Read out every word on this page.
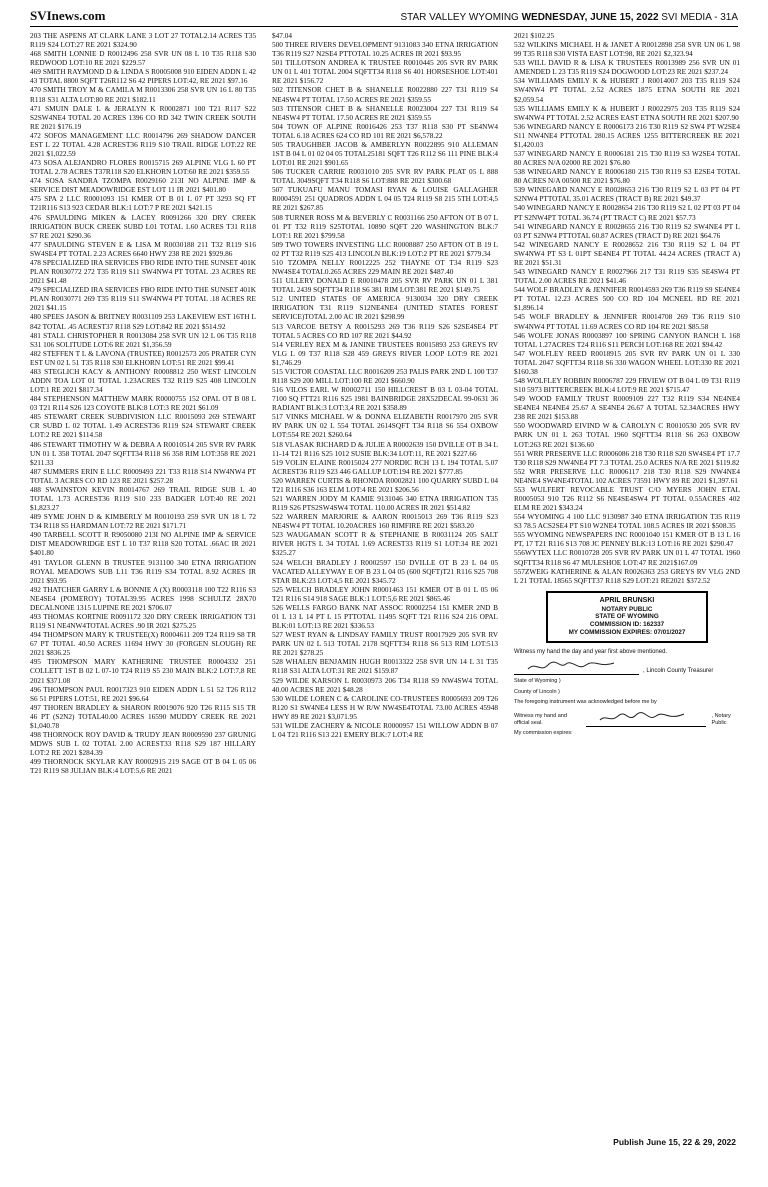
SVInews.com	STAR VALLEY WYOMING WEDNESDAY, JUNE 15, 2022 SVI MEDIA - 31A
203 THE ASPENS AT CLARK LANE 3 LOT 27 TOTAL2.14 ACRES T35 R119 S24 LOT:27 RE 2021 $324.90
468 SMITH LONNIE D R0012496 258 SVR UN 08 L 10 T35 R118 S30 REDWOOD LOT:10 RE 2021 $229.57
469 SMITH RAYMOND D & LINDA S R0005008 910 EIDEN ADDN L 42 43 TOTAL 8800 SQFT T26R112 S6 42 PIPERS LOT:42, RE 2021 $97.16
470 SMITH TROY M & CAMILA M R0013306 258 SVR UN 16 L 80 T35 R118 S31 ALTA LOT:80 RE 2021 $182.11
471 SMUIN DALE L & JERALYN K R0002871 100 T21 R117 S22 S2SW4NE4 TOTAL 20 ACRES 1396 CO RD 342 TWIN CREEK SOUTH RE 2021 $176.19
472 SOFOS MANAGEMENT LLC R0014796 269 SHADOW DANCER EST L 22 TOTAL 4.28 ACREST36 R119 S10 TRAIL RIDGE LOT:22 RE 2021 $1,022.59
473 SOSA ALEJANDRO FLORES R0015715 269 ALPINE VLG L 60 PT TOTAL 2.78 ACRES T37R118 S20 ELKHORN LOT:60 RE 2021 $359.55
474 SOSA SANDRA TZOMPA R0029160 213I NO ALPINE IMP & SERVICE DIST MEADOWRIDGE EST LOT 11 IR 2021 $401.80
475 SPA 2 LLC R0001093 151 KMER OT B 01 L 07 PT 3293 SQ FT T21R116 S13 923 CEDAR BLK:1 LOT:7 P RE 2021 $421.15
476 SPAULDING MIKEN & LACEY R0091266 320 DRY CREEK IRRIGATION BUCK CREEK SUBD L01 TOTAL 1.60 ACRES T31 R118 S7 RE 2021 $290.36
477 SPAULDING STEVEN E & LISA M R0030188 211 T32 R119 S16 SW4SE4 PT TOTAL 2.23 ACRES 6640 HWY 238 RE 2021 $929.86
478 SPECIALIZED IRA SERVICES FBO RIDE INTO THE SUNSET 401K PLAN R0030772 272 T35 R119 S11 SW4NW4 PT TOTAL .23 ACRES RE 2021 $41.48
479 SPECIALIZED IRA SERVICES FBO RIDE INTO THE SUNSET 401K PLAN R0030771 269 T35 R119 S11 SW4NW4 PT TOTAL .18 ACRES RE 2021 $41.15
480 SPEES JASON & BRITNEY R0031109 253 LAKEVIEW EST 16TH L 842 TOTAL .45 ACREST37 R118 S29 LOT:842 RE 2021 $514.92
481 STALL CHRISTOPHER R R0013084 258 SVR UN 12 L 06 T35 R118 S31 106 SOLITUDE LOT:6 RE 2021 $1,356.59
482 STEFFEN T L & LAVONA (TRUSTEE) R0012573 205 PRATER CYN EST UN 02 L 51 T35 R118 S30 ELKHORN LOT:51 RE 2021 $99.41
483 STEGLICH KACY & ANTHONY R0008812 250 WEST LINCOLN ADDN TOA LOT 01 TOTAL 1.23ACRES T32 R119 S25 408 LINCOLN LOT:1 RE 2021 $817.34
484 STEPHENSON MATTHEW MARK R0000755 152 OPAL OT B 08 L 03 T21 R114 S26 123 COYOTE BLK:8 LOT:3 RE 2021 $61.09
485 STEWART CREEK SUBDIVISION LLC R0015093 269 STEWART CR SUBD L 02 TOTAL 1.49 ACREST36 R119 S24 STEWART CREEK LOT:2 RE 2021 $114.58
486 STEWART TIMOTHY W & DEBRA A R0010514 205 SVR RV PARK UN 01 L 358 TOTAL 2047 SQFTT34 R118 S6 358 RIM LOT:358 RE 2021 $211.33
487 SUMMERS ERIN E LLC R0009493 221 T33 R118 S14 NW4NW4 PT TOTAL 3 ACRES CO RD 123 RE 2021 $257.28
488 SWAINSTON KEVIN R0014767 269 TRAIL RIDGE SUB L 40 TOTAL 1.73 ACREST36 R119 S10 233 BADGER LOT:40 RE 2021 $1,823.27
489 SYME JOHN D & KIMBERLY M R0010193 259 SVR UN 18 L 72 T34 R118 S5 HARDMAN LOT:72 RE 2021 $171.71
490 TARBELL SCOTT R R9050080 213I NO ALPINE IMP & SERVICE DIST MEADOWRIDGE EST L 10 T37 R118 S20 TOTAL .66AC IR 2021 $401.80
491 TAYLOR GLENN B TRUSTEE 9131100 340 ETNA IRRIGATION ROYAL MEADOWS SUB L11 T36 R119 S34 TOTAL 8.92 ACRES IR 2021 $93.95
492 THATCHER GARRY L & BONNIE A (X) R0003118 100 T22 R116 S3 NE4SE4 (POMEROY) TOTAL39.95 ACRES 1998 SCHULTZ 28X70 DECALNONE 1315 LUPINE RE 2021 $706.07
493 THOMAS KORTNIE R0091172 320 DRY CREEK IRRIGATION T31 R119 S1 NE4NW4TOTAL ACRES .90 IR 2021 $275.25
494 THOMPSON MARY K TRUSTEE(X) R0004611 209 T24 R119 S8 TR 67 PT TOTAL 40.50 ACRES 11694 HWY 30 (FORGEN SLOUGH) RE 2021 $836.25
495 THOMPSON MARY KATHERINE TRUSTEE R0004332 251 COLLETT 1ST B 02 L 07-10 T24 R119 S5 230 MAIN BLK:2 LOT:7,8 RE 2021 $371.08
496 THOMPSON PAUL R0017323 910 EIDEN ADDN L 51 52 T26 R112 S6 51 PIPERS LOT:51, RE 2021 $96.64
497 THOREN BRADLEY & SHARON R0019076 920 T26 R115 S15 TR 46 PT (S2N2) TOTAL40.00 ACRES 16590 MUDDY CREEK RE 2021 $1,040.78
498 THORNOCK ROY DAVID & TRUDY JEAN R0009590 237 GRUNIG MDWS SUB L 02 TOTAL 2.00 ACREST33 R118 S29 187 HILLARY LOT:2 RE 2021 $284.39
499 THORNOCK SKYLAR KAY R0002915 219 SAGE OT B 04 L 05 06 T21 R119 S8 JULIAN BLK:4 LOT:5,6 RE 2021
$47.04
500 THREE RIVERS DEVELOPMENT 9131083 340 ETNA IRRIGATION T36 R119 S27 N2SE4 PTTOTAL 10.25 ACRES IR 2021 $93.95
501 TILLOTSON ANDREA K TRUSTEE R0010445 205 SVR RV PARK UN 01 L 401 TOTAL 2004 SQFTT34 R118 S6 401 HORSESHOE LOT:401 RE 2021 $156.72
502 TITENSOR CHET B & SHANELLE R0022880 227 T31 R119 S4 NE4SW4 PT TOTAL 17.50 ACRES RE 2021 $359.55
503 TITENSOR CHET B & SHANELLE R0023004 227 T31 R119 S4 NE4SW4 PT TOTAL 17.50 ACRES RE 2021 $359.55
504 TOWN OF ALPINE R0016426 253 T37 R118 S30 PT SE4NW4 TOTAL 6.18 ACRES 624 CO RD 101 RE 2021 $6,578.22
505 TRAUGHBER JACOB & AMBERLYN R0022895 910 ALLEMAN 1ST B 04 L 01 02 04 05 TOTAL25181 SQFT T26 R112 S6 111 PINE BLK:4 LOT:01 RE 2021 $901.65
506 TUCKER CARRIE R0031010 205 SVR RV PARK PLAT 05 L 888 TOTAL 3049SQFT T34 R118 S6 LOT:888 RE 2021 $300.68
507 TUKUAFU MANU TOMASI RYAN & LOUISE GALLAGHER R0004591 251 QUADROS ADDN L 04 05 T24 R119 S8 215 5TH LOT:4,5 RE 2021 $267.85
508 TURNER ROSS M & BEVERLY C R0031166 250 AFTON OT B 07 L 01 PT T32 R119 S25TOTAL 10890 SQFT 220 WASHINGTON BLK:7 LOT:1 RE 2021 $799.58
509 TWO TOWERS INVESTING LLC R0008887 250 AFTON OT B 19 L 02 PT T32 R119 S25 413 LINCOLN BLK:19 LOT:2 PT RE 2021 $779.34
510 TZOMPA NELLY R0012225 252 THAYNE OT T34 R119 S23 NW4SE4 TOTAL0.265 ACRES 229 MAIN RE 2021 $487.40
511 ULLERY DONALD E R0010478 205 SVR RV PARK UN 01 L 381 TOTAL 2439 SQFTT34 R118 S6 381 RIM LOT:381 RE 2021 $149.75
512 UNITED STATES OF AMERICA 9130034 320 DRY CREEK IRRIGATION T31 R119 S12NE4NE4 (UNITED STATES FOREST SERVICE)TOTAL 2.00 AC IR 2021 $298.99
513 VARCOE BETSY A R0015293 269 T36 R119 S26 S2SE4SE4 PT TOTAL 5 ACRES CO RD 107 RE 2021 $44.92
514 VERLEY REX M & JANINE TRUSTEES R0015893 253 GREYS RV VLG L 09 T37 R118 S28 459 GREYS RIVER LOOP LOT:9 RE 2021 $1,746.29
515 VICTOR COASTAL LLC R0016209 253 PALIS PARK 2ND L 100 T37 R118 S29 200 MILL LOT:100 RE 2021 $660.90
516 VILOS EARL W R0002711 150 HILLCREST B 03 L 03-04 TOTAL 7100 SQ FTT21 R116 S25 1981 BAINBRIDGE 28X52DECAL 99-0631 36 RADIANT BLK:3 LOT:3,4 RE 2021 $358.89
517 VINKS MICHAEL W & DONNA ELIZABETH R0017970 205 SVR RV PARK UN 02 L 554 TOTAL 2614SQFT T34 R118 S6 554 OXBOW LOT:554 RE 2021 $260.64
518 VLASAK RICHARD D & JULIE A R0002639 150 DVILLE OT B 34 L 11-14 T21 R116 S25 1012 SUSIE BLK:34 LOT:11, RE 2021 $227.66
519 VOLIN ELAINE R0015024 277 NORDIC RCH 13 L 194 TOTAL 5.07 ACREST36 R119 S23 446 GALLUP LOT:194 RE 2021 $777.85
520 WARREN CURTIS & RHONDA R0002821 100 QUARRY SUBD L 04 T21 R116 S36 163 ELM LOT:4 RE 2021 $206.56
521 WARREN JODY M KAMIE 9131046 340 ETNA IRRIGATION T35 R119 S26 PTS2SW4SW4 TOTAL 110.00 ACRES IR 2021 $514.82
522 WARREN MARJORIE & AARON R0015013 269 T36 R119 S23 NE4SW4 PT TOTAL 10.20ACRES 160 RIMFIRE RE 2021 $583.20
523 WAUGAMAN SCOTT R & STEPHANIE B R0031124 205 SALT RIVER HGTS L 34 TOTAL 1.69 ACREST33 R119 S1 LOT:34 RE 2021 $325.27
524 WELCH BRADLEY J R0002597 150 DVILLE OT B 23 L 04 05 VACATED ALLEYWAY E OF B 23 L 04 05 (600 SQFT)T21 R116 S25 708 STAR BLK:23 LOT:4,5 RE 2021 $345.72
525 WELCH BRADLEY JOHN R0001463 151 KMER OT B 01 L 05 06 T21 R116 S14 918 SAGE BLK:1 LOT:5,6 RE 2021 $865.46
526 WELLS FARGO BANK NAT ASSOC R0002254 151 KMER 2ND B 01 L 13 L 14 PT L 15 PTTOTAL 11495 SQFT T21 R116 S24 216 OPAL BLK:01 LOT:13 RE 2021 $336.53
527 WEST RYAN & LINDSAY FAMILY TRUST R0017929 205 SVR RV PARK UN 02 L 513 TOTAL 2178 SQFTT34 R118 S6 513 RIM LOT:513 RE 2021 $278.25
528 WHALEN BENJAMIN HUGH R0013322 258 SVR UN 14 L 31 T35 R118 S31 ALTA LOT:31 RE 2021 $159.87
529 WILDE KARSON L R0030973 206 T34 R118 S9 NW4SW4 TOTAL 40.00 ACRES RE 2021 $48.28
530 WILDE LOREN C & CAROLINE CO-TRUSTEES R0005693 209 T26 R120 S1 SW4NE4 LESS H W R/W NW4SE4TOTAL 73.00 ACRES 45948 HWY 89 RE 2021 $3,071.95
531 WILDE ZACHERY & NICOLE R0000957 151 WILLOW ADDN B 07 L 04 T21 R116 S13 221 EMERY BLK:7 LOT:4 RE
2021 $102.25
532 WILKINS MICHAEL H & JANET A R0012898 258 SVR UN 06 L 98 99 T35 R118 S30 VISTA EAST LOT:98, RE 2021 $2,323.94
533 WILL DAVID R & LISA K TRUSTEES R0013989 256 SVR UN 01 AMENDED L 23 T35 R119 S24 DOGWOOD LOT:23 RE 2021 $237.24
534 WILLIAMS EMILY K & HUBERT J R0014007 203 T35 R119 S24 SW4NW4 PT TOTAL 2.52 ACRES 1875 ETNA SOUTH RE 2021 $2,059.54
535 WILLIAMS EMILY K & HUBERT J R0022975 203 T35 R119 S24 SW4NW4 PT TOTAL 2.52 ACRES EAST ETNA SOUTH RE 2021 $207.90
536 WINEGARD NANCY E R0006173 216 T30 R119 S2 SW4 PT W2SE4 S11 NW4NE4 PTTOTAL 280.15 ACRES 1255 BITTERCREEK RE 2021 $1,420.03
537 WINEGARD NANCY E R0006181 215 T30 R119 S3 W2SE4 TOTAL 80 ACRES N/A 02000 RE 2021 $76.80
538 WINEGARD NANCY E R0006180 215 T30 R119 S3 E2SE4 TOTAL 80 ACRES N/A 00500 RE 2021 $76.80
539 WINEGARD NANCY E R0028653 216 T30 R119 S2 L 03 PT 04 PT S2NW4 PTTOTAL 35.01 ACRES (TRACT B) RE 2021 $49.37
540 WINEGARD NANCY E R0028654 216 T30 R119 S2 L 02 PT 03 PT 04 PT S2NW4PT TOTAL 36.74 (PT TRACT C) RE 2021 $57.73
541 WINEGARD NANCY E R0028655 216 T30 R119 S2 SW4NE4 PT L 03 PT S2NW4 PTTOTAL 60.87 ACRES (TRACT D) RE 2021 $64.76
542 WINEGARD NANCY E R0028652 216 T30 R119 S2 L 04 PT SW4NW4 PT S3 L 01PT SE4NE4 PT TOTAL 44.24 ACRES (TRACT A) RE 2021 $51.31
543 WINEGARD NANCY E R0027966 217 T31 R119 S35 SE4SW4 PT TOTAL 2.00 ACRES RE 2021 $41.46
544 WOLF BRADLEY & JENNIFER R0014593 269 T36 R119 S9 SE4NE4 PT TOTAL 12.23 ACRES 500 CO RD 104 MCNEEL RD RE 2021 $1,896.14
545 WOLF BRADLEY & JENNIFER R0014708 269 T36 R119 S10 SW4NW4 PT TOTAL 11.69 ACRES CO RD 104 RE 2021 $85.58
546 WOLFE JONAS R0003897 100 SPRING CANYON RANCH L 168 TOTAL 1.27ACRES T24 R116 S11 PERCH LOT:168 RE 2021 $94.42
547 WOLFLEY REED R0018915 205 SVR RV PARK UN 01 L 330 TOTAL 2047 SQFTT34 R118 S6 330 WAGON WHEEL LOT:330 RE 2021 $160.38
548 WOLFLEY ROBBIN R0006787 229 FRVIEW OT B 04 L 09 T31 R119 S10 5973 BITTERCREEK BLK:4 LOT:9 RE 2021 $715.47
549 WOOD FAMILY TRUST R0009109 227 T32 R119 S34 NE4NE4 SE4NE4 NE4NE4 25.67 A SE4NE4 26.67 A TOTAL 52.34ACRES HWY 238 RE 2021 $153.88
550 WOODWARD EIVIND W & CAROLYN C R0010530 205 SVR RV PARK UN 01 L 263 TOTAL 1960 SQFTT34 R118 S6 263 OXBOW LOT:263 RE 2021 $136.60
551 WRR PRESERVE LLC R0006086 218 T30 R118 S20 SW4SE4 PT 17.7 T30 R118 S29 NW4NE4 PT 7.3 TOTAL 25.0 ACRES N/A RE 2021 $119.82
552 WRR PRESERVE LLC R0006117 218 T30 R118 S29 NW4NE4 NE4NE4 SW4NE4TOTAL 102 ACRES 73591 HWY 89 RE 2021 $1,397.61
553 WULFERT REVOCABLE TRUST C/O MYERS JOHN ETAL R0005053 910 T26 R112 S6 NE4SE4SW4 PT TOTAL 0.55ACRES 402 ELM RE 2021 $343.24
554 WYOMING 4 100 LLC 9130987 340 ETNA IRRIGATION T35 R119 S3 78.5 ACS2SE4 PT S10 W2NE4 TOTAL 108.5 ACRES IR 2021 $508.35
555 WYOMING NEWSPAPERS INC R0001040 151 KMER OT B 13 L 16 PT, 17 T21 R116 S13 708 JC PENNEY BLK:13 LOT:16 RE 2021 $290.47
556WYTEX LLC R0010728 205 SVR RV PARK UN 01 L 47 TOTAL 1960 SQFTT34 R118 S6 47 MULESHOE LOT:47 RE 2021$167.09
557ZWEIG KATHERINE & ALAN R0026363 253 GREYS RV VLG 2ND L 21 TOTAL 18565 SQFTT37 R118 S29 LOT:21 RE2021 $372.52
APRIL BRUNSKI
NOTARY PUBLIC
STATE OF WYOMING
COMMISSION ID: 162337
MY COMMISSION EXPIRES: 07/01/2027
Witness my hand the day and year first above mentioned.
, Lincoln County Treasurer
State of Wyoming )
County of Lincoln )
The foregoing instrument was acknowledged before me by
Witness my hand and official seal.
, Notary Public
My commission expires:
Publish June 15, 22 & 29, 2022
